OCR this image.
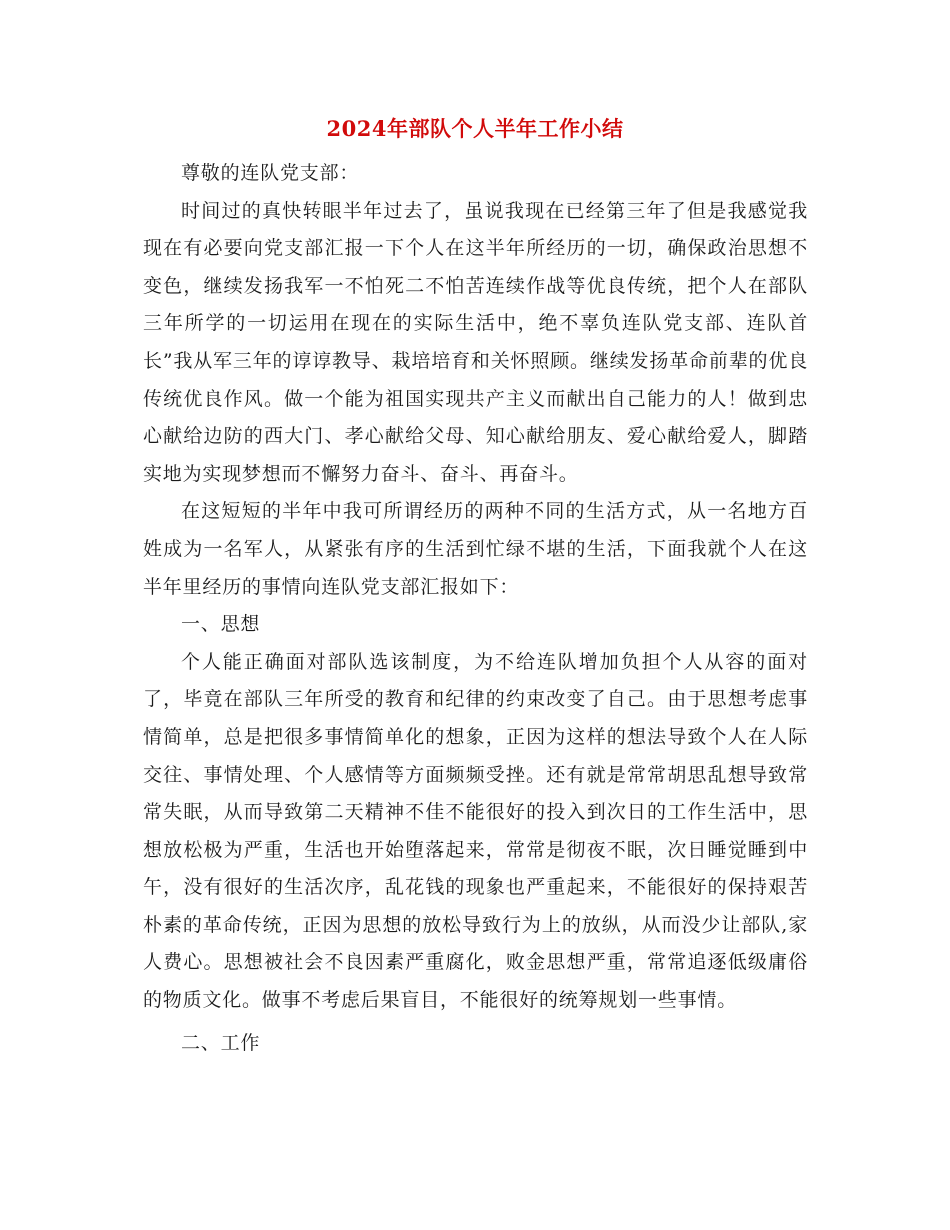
2024年部队个人半年工作小结

尊敬的连队党支部：

时间过的真快转眼半年过去了，虽说我现在已经第三年了但是我感觉我现在有必要向党支部汇报一下个人在这半年所经历的一切，确保政治思想不变色，继续发扬我军一不怕死二不怕苦连续作战等优良传统，把个人在部队三年所学的一切运用在现在的实际生活中，绝不辜负连队党支部、连队首长”我从军三年的谆谆教导、栽培培育和关怀照顾。继续发扬革命前辈的优良传统优良作风。做一个能为祖国实现共产主义而献出自己能力的人！做到忠心献给边防的西大门、孝心献给父母、知心献给朋友、爱心献给爱人，脚踏实地为实现梦想而不懈努力奋斗、奋斗、再奋斗。

在这短短的半年中我可所谓经历的两种不同的生活方式，从一名地方百姓成为一名军人，从紧张有序的生活到忙绿不堪的生活，下面我就个人在这半年里经历的事情向连队党支部汇报如下：

一、思想

个人能正确面对部队选该制度，为不给连队增加负担个人从容的面对了，毕竟在部队三年所受的教育和纪律的约束改变了自己。由于思想考虑事情简单，总是把很多事情简单化的想象，正因为这样的想法导致个人在人际交往、事情处理、个人感情等方面频频受挫。还有就是常常胡思乱想导致常常失眠，从而导致第二天精神不佳不能很好的投入到次日的工作生活中，思想放松极为严重，生活也开始堕落起来，常常是彻夜不眠，次日睡觉睡到中午，没有很好的生活次序，乱花钱的现象也严重起来，不能很好的保持艰苦朴素的革命传统，正因为思想的放松导致行为上的放纵，从而没少让部队,家人费心。思想被社会不良因素严重腐化，败金思想严重，常常追逐低级庸俗的物质文化。做事不考虑后果盲目，不能很好的统筹规划一些事情。

二、工作
